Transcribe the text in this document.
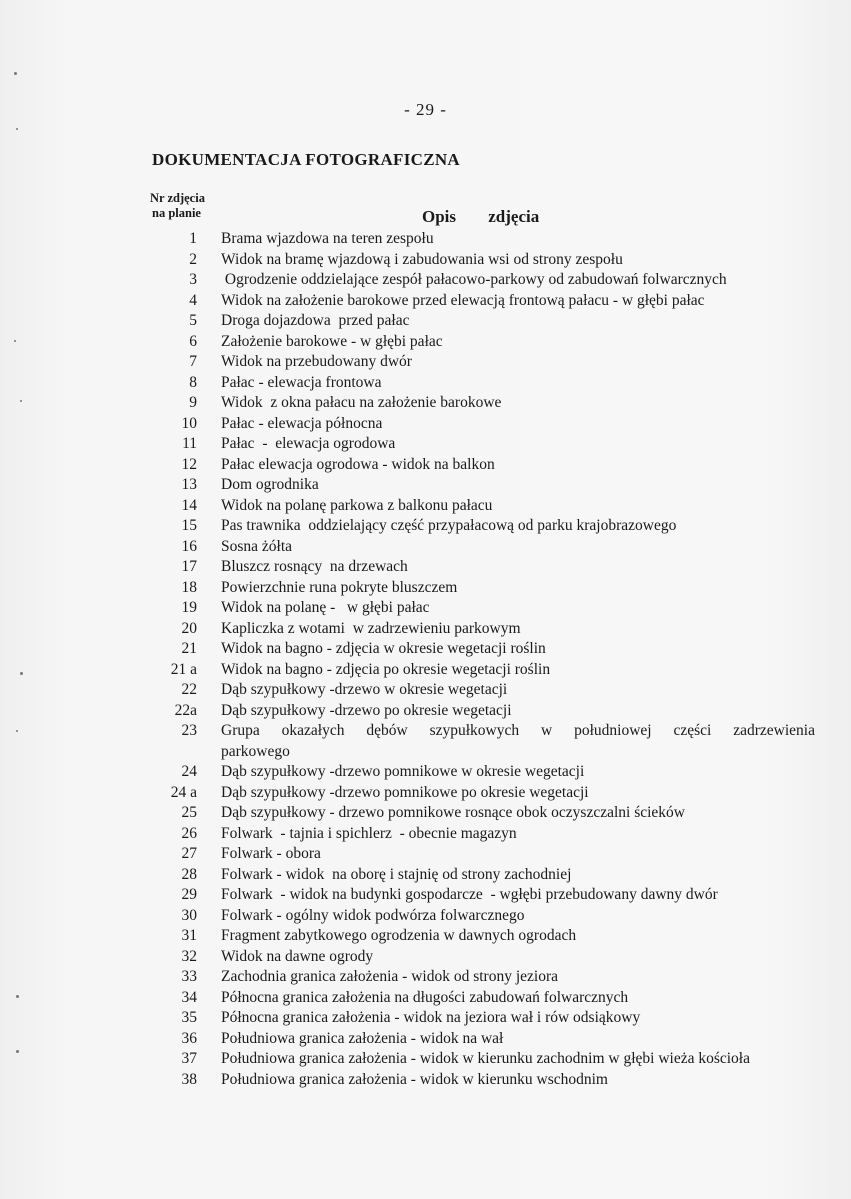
- 29 -
DOKUMENTACJA FOTOGRAFICZNA
Nr zdjęcia
na planie	Opis zdjęcia
1	Brama wjazdowa na teren zespołu
2	Widok na bramę wjazdową i zabudowania wsi od strony zespołu
3	Ogrodzenie oddzielające zespół pałacowo-parkowy od zabudowań folwarcznych
4	Widok na założenie barokowe przed elewacją frontową pałacu - w głębi pałac
5	Droga dojazdowa  przed pałac
6	Założenie barokowe - w głębi pałac
7	Widok na przebudowany dwór
8	Pałac - elewacja frontowa
9	Widok  z okna pałacu na założenie barokowe
10	Pałac - elewacja północna
11	Pałac  -  elewacja ogrodowa
12	Pałac elewacja ogrodowa - widok na balkon
13	Dom ogrodnika
14	Widok na polanę parkowa z balkonu pałacu
15	Pas trawnika  oddzielający część przypałacową od parku krajobrazowego
16	Sosna żółta
17	Bluszcz rosnący  na drzewach
18	Powierzchnie runa pokryte bluszczem
19	Widok na polanę -   w głębi pałac
20	Kapliczka z wotami  w zadrzewieniu parkowym
21	Widok na bagno - zdjęcia w okresie wegetacji roślin
21 a	Widok na bagno - zdjęcia po okresie wegetacji roślin
22	Dąb szypułkowy -drzewo w okresie wegetacji
22a	Dąb szypułkowy -drzewo po okresie wegetacji
23	Grupa okazałych dębów szypułkowych w południowej części zadrzewienia
parkowego
24	Dąb szypułkowy -drzewo pomnikowe w okresie wegetacji
24 a	Dąb szypułkowy -drzewo pomnikowe po okresie wegetacji
25	Dąb szypułkowy - drzewo pomnikowe rosnące obok oczyszczalni ścieków
26	Folwark  - tajnia i spichlerz  - obecnie magazyn
27	Folwark - obora
28	Folwark - widok  na oborę i stajnię od strony zachodniej
29	Folwark  - widok na budynki gospodarcze  - wgłębi przebudowany dawny dwór
30	Folwark - ogólny widok podwórza folwarcznego
31	Fragment zabytkowego ogrodzenia w dawnych ogrodach
32	Widok na dawne ogrody
33	Zachodnia granica założenia - widok od strony jeziora
34	Północna granica założenia na długości zabudowań folwarcznych
35	Północna granica założenia - widok na jeziora wał i rów odsiąkowy
36	Południowa granica założenia - widok na wał
37	Południowa granica założenia - widok w kierunku zachodnim w głębi wieża kościoła
38	Południowa granica założenia - widok w kierunku wschodnim
